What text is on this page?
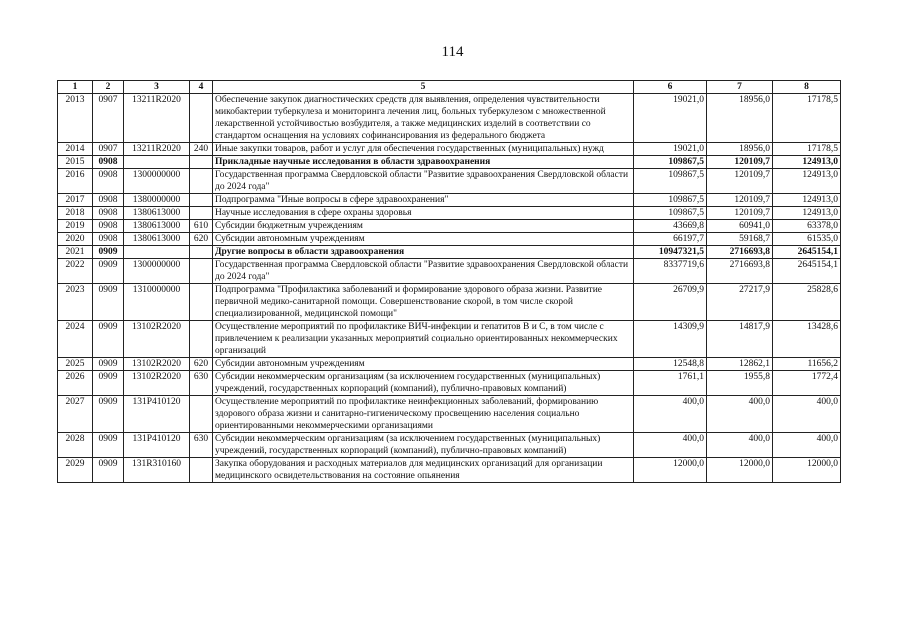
114
1	2	3	4	5	6	7	8
2013	0907	13211R2020		Обеспечение закупок диагностических средств для выявления, определения чувствительности микобактерии туберкулеза и мониторинга лечения лиц, больных туберкулезом с множественной лекарственной устойчивостью возбудителя, а также медицинских изделий в соответствии со стандартом оснащения на условиях софинансирования из федерального бюджета	19021,0	18956,0	17178,5
2014	0907	13211R2020	240	Иные закупки товаров, работ и услуг для обеспечения государственных (муниципальных) нужд	19021,0	18956,0	17178,5
2015	0908			Прикладные научные исследования в области здравоохранения	109867,5	120109,7	124913,0
2016	0908	1300000000		Государственная программа Свердловской области "Развитие здравоохранения Свердловской области до 2024 года"	109867,5	120109,7	124913,0
2017	0908	1380000000		Подпрограмма "Иные вопросы в сфере здравоохранения"	109867,5	120109,7	124913,0
2018	0908	1380613000		Научные исследования в сфере охраны здоровья	109867,5	120109,7	124913,0
2019	0908	1380613000	610	Субсидии бюджетным учреждениям	43669,8	60941,0	63378,0
2020	0908	1380613000	620	Субсидии автономным учреждениям	66197,7	59168,7	61535,0
2021	0909			Другие вопросы в области здравоохранения	10947321,5	2716693,8	2645154,1
2022	0909	1300000000		Государственная программа Свердловской области "Развитие здравоохранения Свердловской области до 2024 года"	8337719,6	2716693,8	2645154,1
2023	0909	1310000000		Подпрограмма "Профилактика заболеваний и формирование здорового образа жизни. Развитие первичной медико-санитарной помощи. Совершенствование скорой, в том числе скорой специализированной, медицинской помощи"	26709,9	27217,9	25828,6
2024	0909	13102R2020		Осуществление мероприятий по профилактике ВИЧ-инфекции и гепатитов В и С, в том числе с привлечением к реализации указанных мероприятий социально ориентированных некоммерческих организаций	14309,9	14817,9	13428,6
2025	0909	13102R2020	620	Субсидии автономным учреждениям	12548,8	12862,1	11656,2
2026	0909	13102R2020	630	Субсидии некоммерческим организациям (за исключением государственных (муниципальных) учреждений, государственных корпораций (компаний), публично-правовых компаний)	1761,1	1955,8	1772,4
2027	0909	131P410120		Осуществление мероприятий по профилактике неинфекционных заболеваний, формированию здорового образа жизни и санитарно-гигиеническому просвещению населения социально ориентированными некоммерческими организациями	400,0	400,0	400,0
2028	0909	131P410120	630	Субсидии некоммерческим организациям (за исключением государственных (муниципальных) учреждений, государственных корпораций (компаний), публично-правовых компаний)	400,0	400,0	400,0
2029	0909	131R310160		Закупка оборудования и расходных материалов для медицинских организаций для организации медицинского освидетельствования на состояние опьянения	12000,0	12000,0	12000,0
